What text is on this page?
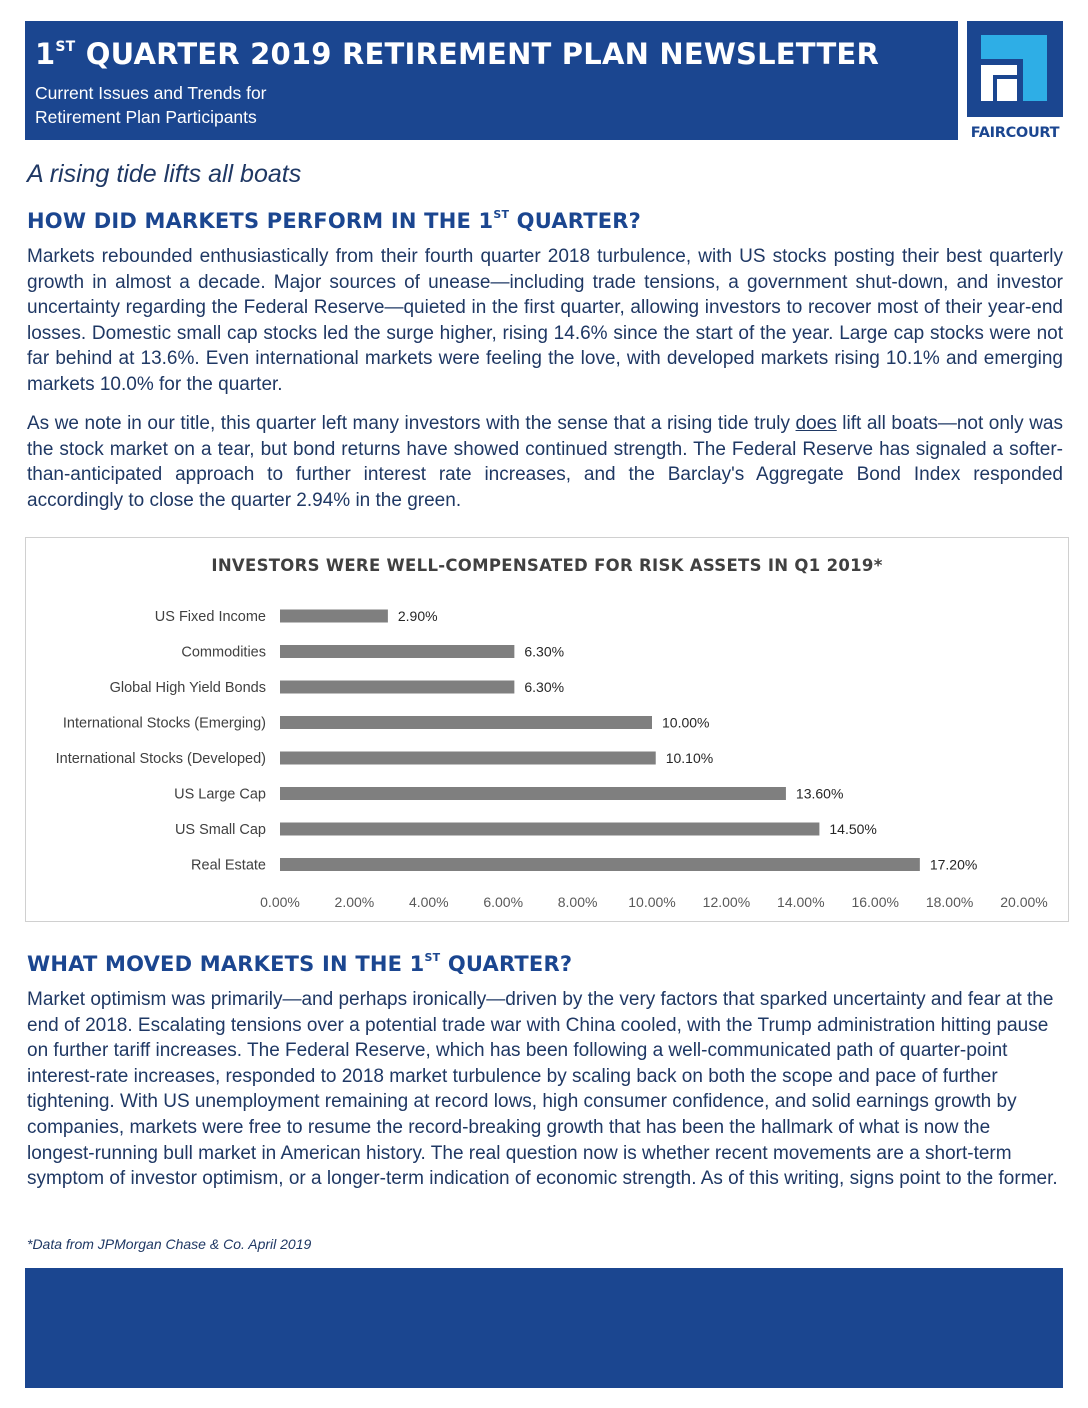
1ST QUARTER 2019 RETIREMENT PLAN NEWSLETTER
Current Issues and Trends for
Retirement Plan Participants
FAIRCOURT
A rising tide lifts all boats
HOW DID MARKETS PERFORM IN THE 1ST QUARTER?
Markets rebounded enthusiastically from their fourth quarter 2018 turbulence, with US stocks posting their best quarterly growth in almost a decade. Major sources of unease—including trade tensions, a government shut-down, and investor uncertainty regarding the Federal Reserve—quieted in the first quarter, allowing investors to recover most of their year-end losses. Domestic small cap stocks led the surge higher, rising 14.6% since the start of the year. Large cap stocks were not far behind at 13.6%. Even international markets were feeling the love, with developed markets rising 10.1% and emerging markets 10.0% for the quarter.
As we note in our title, this quarter left many investors with the sense that a rising tide truly does lift all boats—not only was the stock market on a tear, but bond returns have showed continued strength. The Federal Reserve has signaled a softer-than-anticipated approach to further interest rate increases, and the Barclay's Aggregate Bond Index responded accordingly to close the quarter 2.94% in the green.
INVESTORS WERE WELL-COMPENSATED FOR RISK ASSETS IN Q1 2019*
US Fixed Income	2.90%
Commodities	6.30%
Global High Yield Bonds	6.30%
International Stocks (Emerging)	10.00%
International Stocks (Developed)	10.10%
US Large Cap	13.60%
US Small Cap	14.50%
Real Estate	17.20%
0.00% 2.00% 4.00% 6.00% 8.00% 10.00% 12.00% 14.00% 16.00% 18.00% 20.00%
WHAT MOVED MARKETS IN THE 1ST QUARTER?
Market optimism was primarily—and perhaps ironically—driven by the very factors that sparked uncertainty and fear at the end of 2018. Escalating tensions over a potential trade war with China cooled, with the Trump administration hitting pause on further tariff increases. The Federal Reserve, which has been following a well-communicated path of quarter-point interest-rate increases, responded to 2018 market turbulence by scaling back on both the scope and pace of further tightening. With US unemployment remaining at record lows, high consumer confidence, and solid earnings growth by companies, markets were free to resume the record-breaking growth that has been the hallmark of what is now the longest-running bull market in American history. The real question now is whether recent movements are a short-term symptom of investor optimism, or a longer-term indication of economic strength. As of this writing, signs point to the former.
*Data from JPMorgan Chase & Co. April 2019
